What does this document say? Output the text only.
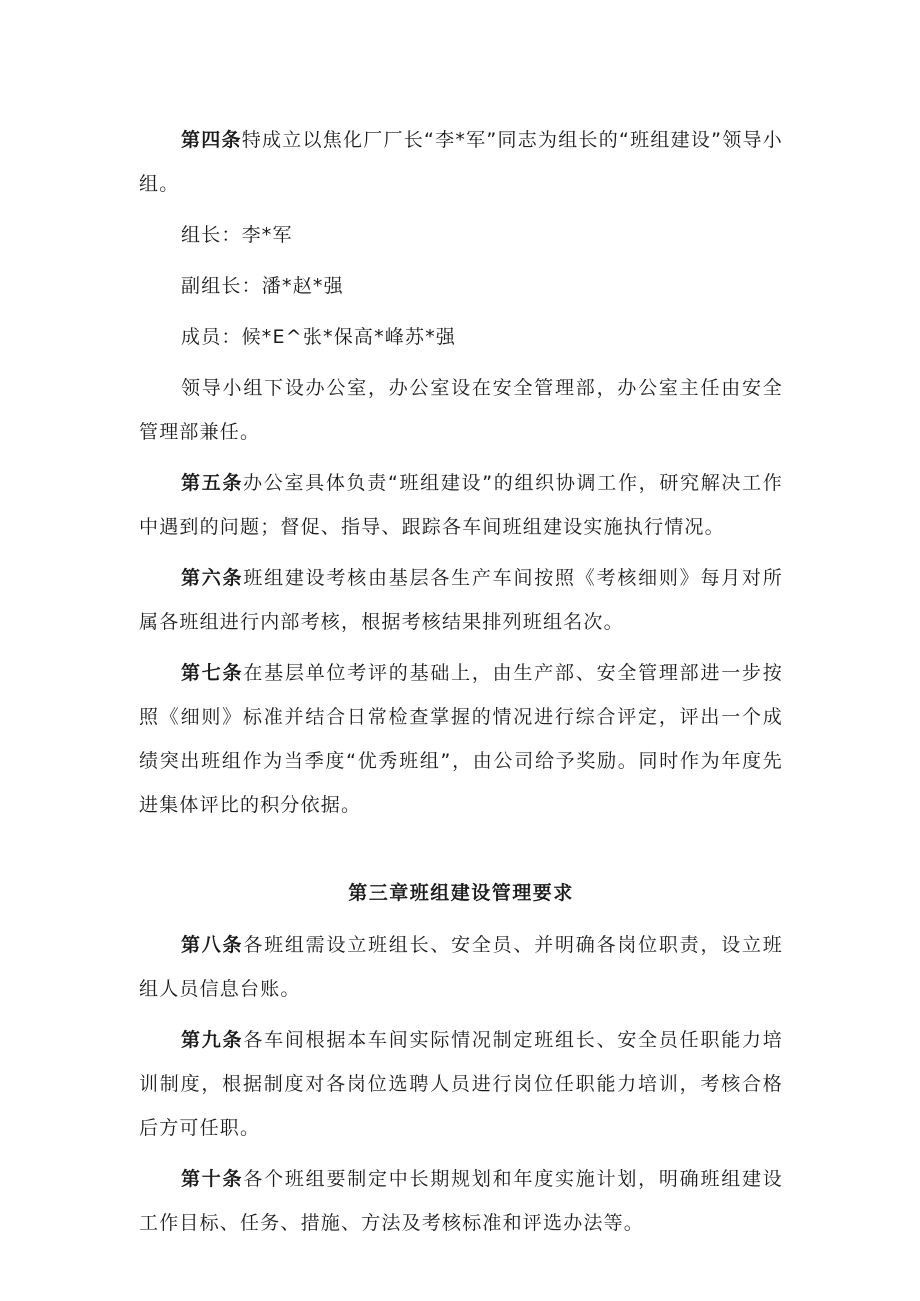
第四条特成立以焦化厂厂长“李*军”同志为组长的“班组建设”领导小组。

组长：李*军

副组长：潘*赵*强

成员：候*E^张*保高*峰苏*强

领导小组下设办公室，办公室设在安全管理部，办公室主任由安全管理部兼任。

第五条办公室具体负责“班组建设”的组织协调工作，研究解决工作中遇到的问题；督促、指导、跟踪各车间班组建设实施执行情况。

第六条班组建设考核由基层各生产车间按照《考核细则》每月对所属各班组进行内部考核，根据考核结果排列班组名次。

第七条在基层单位考评的基础上，由生产部、安全管理部进一步按照《细则》标准并结合日常检查掌握的情况进行综合评定，评出一个成绩突出班组作为当季度“优秀班组”，由公司给予奖励。同时作为年度先进集体评比的积分依据。

第三章班组建设管理要求

第八条各班组需设立班组长、安全员、并明确各岗位职责，设立班组人员信息台账。

第九条各车间根据本车间实际情况制定班组长、安全员任职能力培训制度，根据制度对各岗位选聘人员进行岗位任职能力培训，考核合格后方可任职。

第十条各个班组要制定中长期规划和年度实施计划，明确班组建设工作目标、任务、措施、方法及考核标准和评选办法等。
